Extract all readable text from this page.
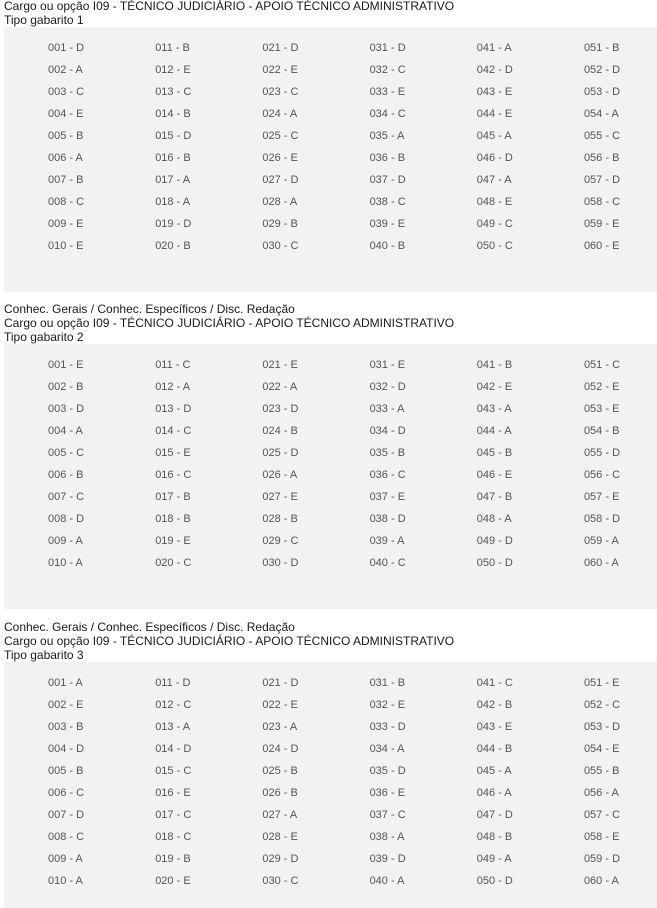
Cargo ou opção I09 - TÉCNICO JUDICIÁRIO - APOIO TÉCNICO ADMINISTRATIVO

Tipo gabarito 1

001 - D
002 - A
003 - C
004 - E
005 - B
006 - A
007 - B
008 - C
009 - E
010 - E
011 - B
012 - E
013 - C
014 - B
015 - D
016 - B
017 - A
018 - A
019 - D
020 - B
021 - D
022 - E
023 - C
024 - A
025 - C
026 - E
027 - D
028 - A
029 - B
030 - C
031 - D
032 - C
033 - E
034 - C
035 - A
036 - B
037 - D
038 - C
039 - E
040 - B
041 - A
042 - D
043 - E
044 - E
045 - A
046 - D
047 - A
048 - E
049 - C
050 - C
051 - B
052 - D
053 - D
054 - A
055 - C
056 - B
057 - D
058 - C
059 - E
060 - E

Conhec. Gerais / Conhec. Específicos / Disc. Redação

Cargo ou opção I09 - TÉCNICO JUDICIÁRIO - APOIO TÉCNICO ADMINISTRATIVO

Tipo gabarito 2

001 - E
002 - B
003 - D
004 - A
005 - C
006 - B
007 - C
008 - D
009 - A
010 - A
011 - C
012 - A
013 - D
014 - C
015 - E
016 - C
017 - B
018 - B
019 - E
020 - C
021 - E
022 - A
023 - D
024 - B
025 - D
026 - A
027 - E
028 - B
029 - C
030 - D
031 - E
032 - D
033 - A
034 - D
035 - B
036 - C
037 - E
038 - D
039 - A
040 - C
041 - B
042 - E
043 - A
044 - A
045 - B
046 - E
047 - B
048 - A
049 - D
050 - D
051 - C
052 - E
053 - E
054 - B
055 - D
056 - C
057 - E
058 - D
059 - A
060 - A

Conhec. Gerais / Conhec. Específicos / Disc. Redação

Cargo ou opção I09 - TÉCNICO JUDICIÁRIO - APOIO TÉCNICO ADMINISTRATIVO

Tipo gabarito 3

001 - A
002 - E
003 - B
004 - D
005 - B
006 - C
007 - D
008 - C
009 - A
010 - A
011 - D
012 - C
013 - A
014 - D
015 - C
016 - E
017 - C
018 - C
019 - B
020 - E
021 - D
022 - E
023 - A
024 - D
025 - B
026 - B
027 - A
028 - E
029 - D
030 - C
031 - B
032 - E
033 - D
034 - A
035 - D
036 - E
037 - C
038 - A
039 - D
040 - A
041 - C
042 - B
043 - E
044 - B
045 - A
046 - A
047 - D
048 - B
049 - A
050 - D
051 - E
052 - C
053 - D
054 - E
055 - B
056 - A
057 - C
058 - E
059 - D
060 - A
